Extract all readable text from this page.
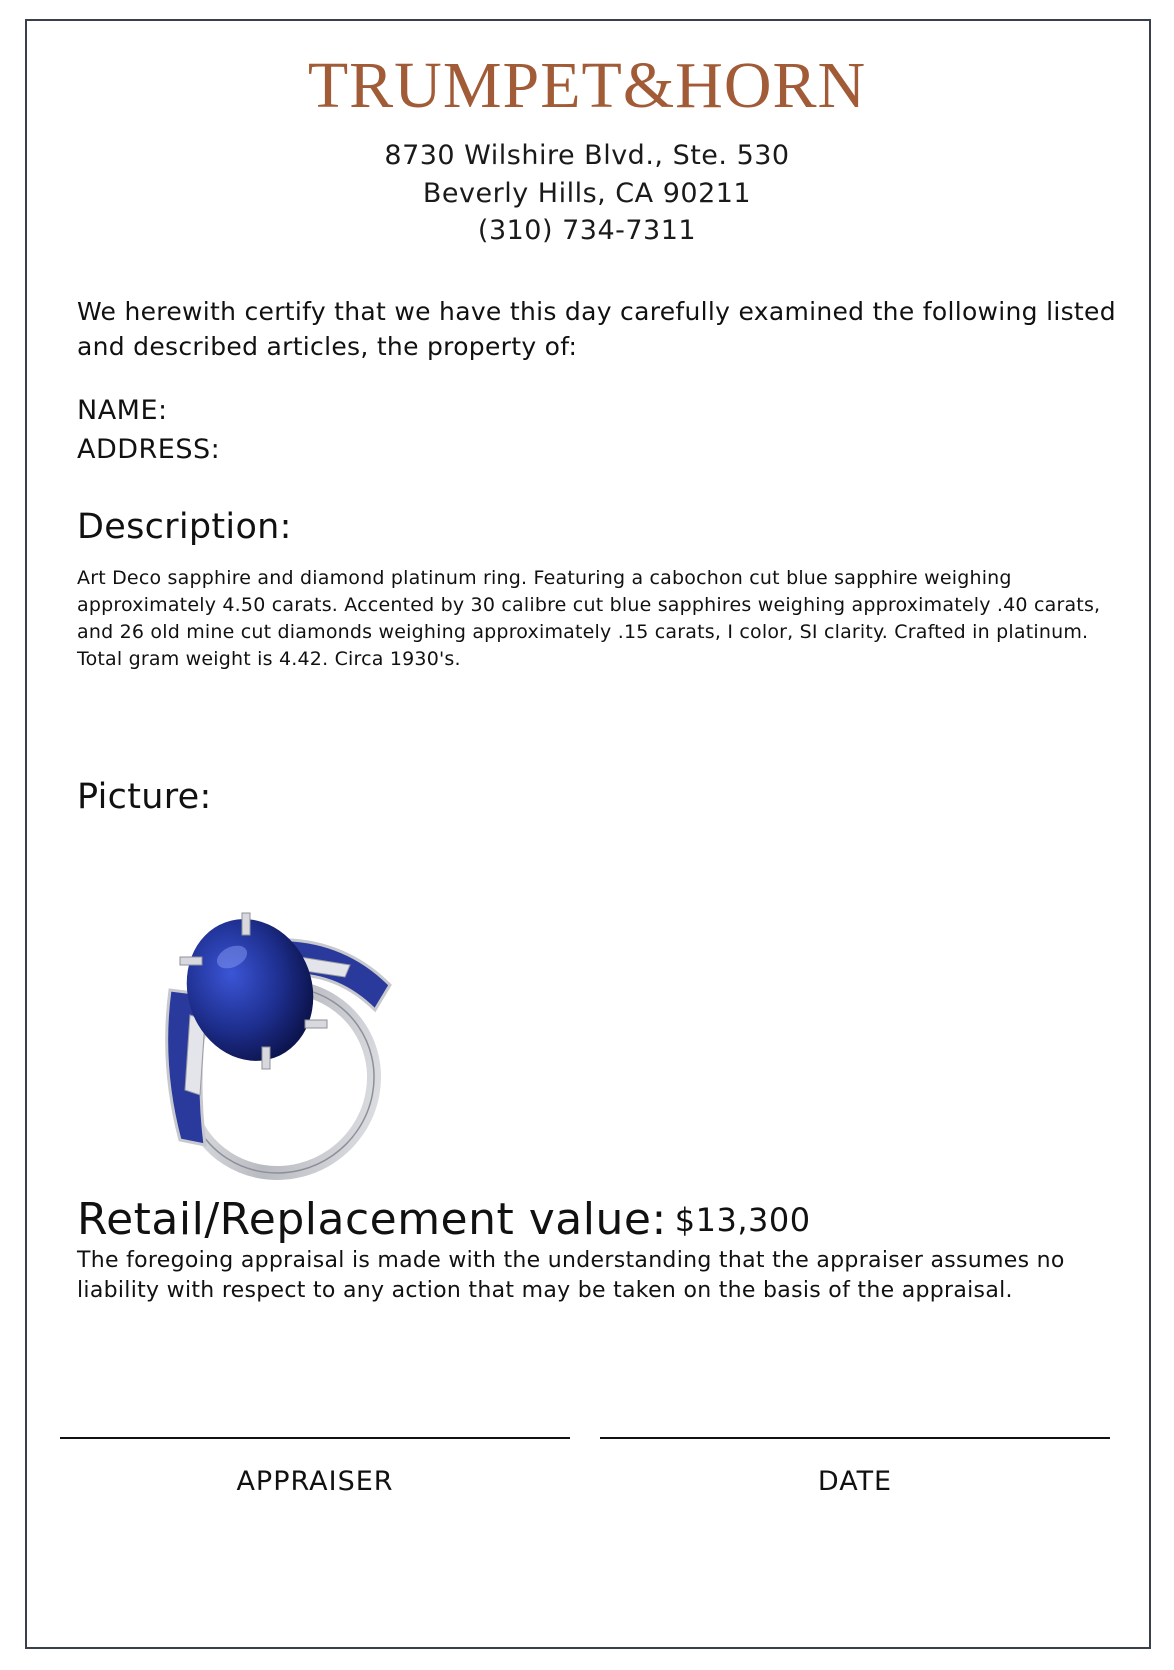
TRUMPET&HORN

8730 Wilshire Blvd., Ste. 530

Beverly Hills, CA 90211

(310) 734-7311

We herewith certify that we have this day carefully examined the following listed and described articles, the property of:

NAME:

ADDRESS:

Description:

Art Deco sapphire and diamond platinum ring. Featuring a cabochon cut blue sapphire weighing approximately 4.50 carats. Accented by 30 calibre cut blue sapphires weighing approximately .40 carats, and 26 old mine cut diamonds weighing approximately .15 carats, I color, SI clarity. Crafted in platinum. Total gram weight is 4.42. Circa 1930's.

Picture:
Retail/Replacement value: $13,300

The foregoing appraisal is made with the understanding that the appraiser assumes no liability with respect to any action that may be taken on the basis of the appraisal.

APPRAISER	DATE
